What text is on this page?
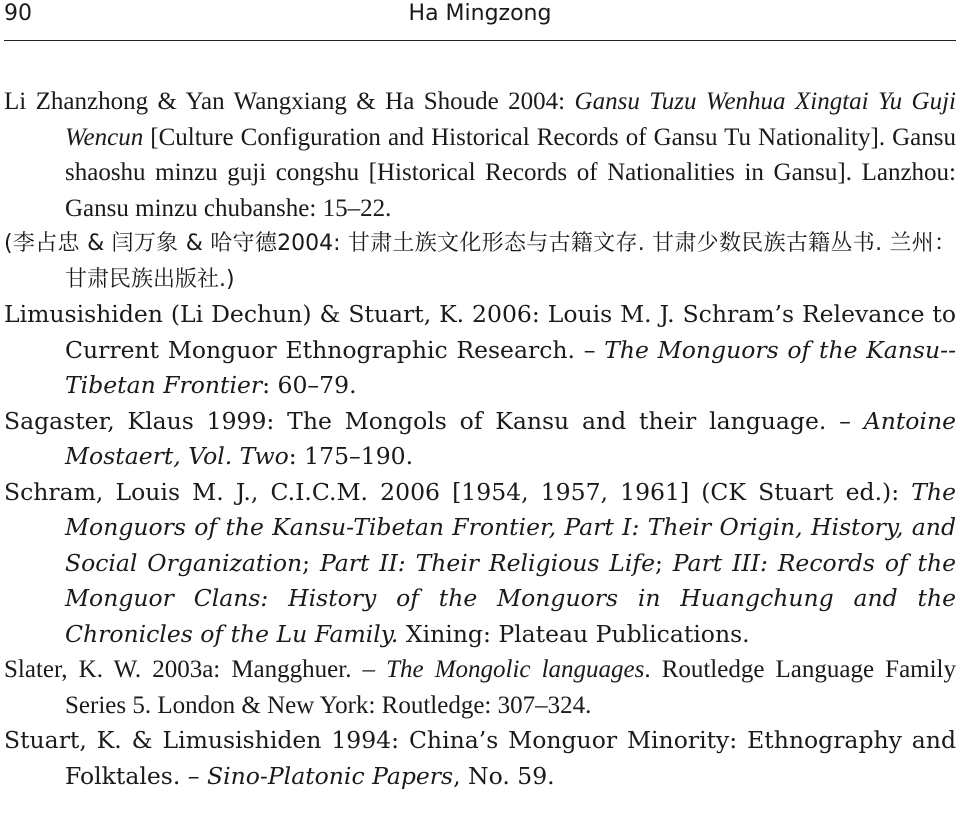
90	Ha Mingzong

Li Zhanzhong & Yan Wangxiang & Ha Shoude 2004: Gansu Tuzu Wenhua Xingtai Yu Guji Wencun [Culture Configuration and Historical Records of Gansu Tu Nationality]. Gansu shaoshu minzu guji congshu [Historical Records of Nationalities in Gansu]. Lanzhou: Gansu minzu chubanshe: 15–22.

(李占忠 & 闫万象 & 哈守德2004: 甘肃土族文化形态与古籍文存. 甘肃少数民族古籍丛书. 兰州：甘肃民族出版社.)

Limusishiden (Li Dechun) & Stuart, K. 2006: Louis M. J. Schram’s Relevance to Current Monguor Ethnographic Research. – The Monguors of the Kansu--Tibetan Frontier: 60–79.

Sagaster, Klaus 1999: The Mongols of Kansu and their language. – Antoine Mostaert, Vol. Two: 175–190.

Schram, Louis M. J., C.I.C.M. 2006 [1954, 1957, 1961] (CK Stuart ed.): The Monguors of the Kansu-Tibetan Frontier, Part I: Their Origin, History, and Social Organization; Part II: Their Religious Life; Part III: Records of the Monguor Clans: History of the Monguors in Huangchung and the Chronicles of the Lu Family. Xining: Plateau Publications.

Slater, K. W. 2003a: Mangghuer. – The Mongolic languages. Routledge Language Family Series 5. London & New York: Routledge: 307–324.

Stuart, K. & Limusishiden 1994: China’s Monguor Minority: Ethnography and Folktales. – Sino-Platonic Papers, No. 59.
